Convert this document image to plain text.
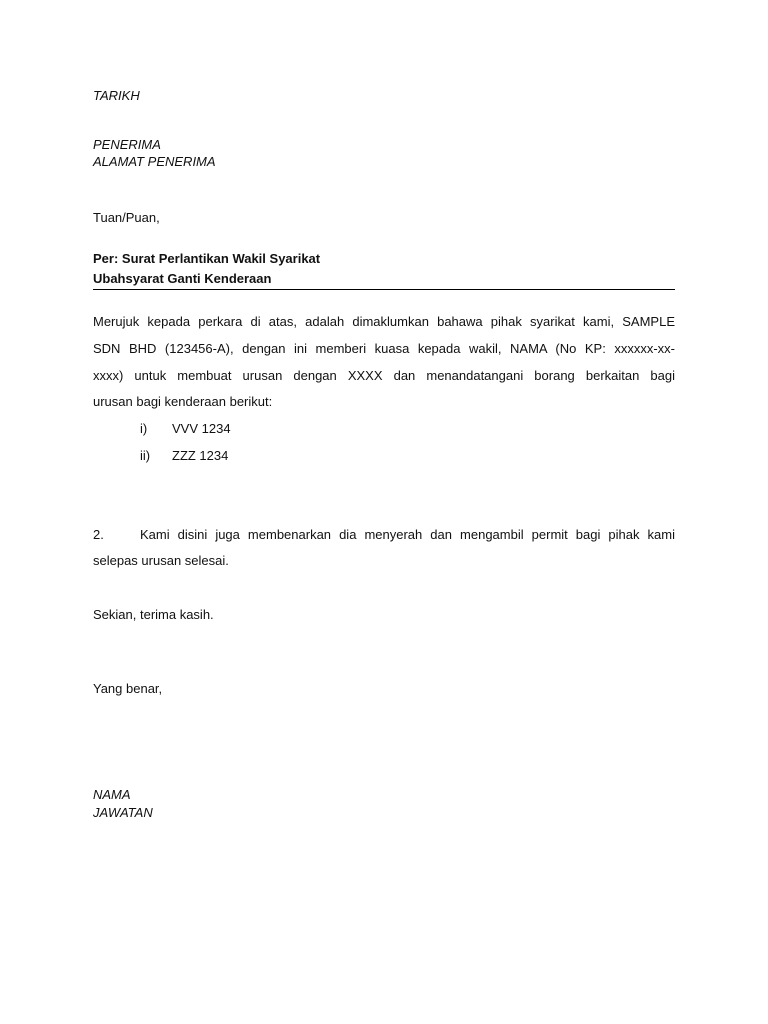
TARIKH
PENERIMA
ALAMAT PENERIMA
Tuan/Puan,
Per: Surat Perlantikan Wakil Syarikat
Ubahsyarat Ganti Kenderaan
Merujuk kepada perkara di atas, adalah dimaklumkan bahawa pihak syarikat kami, SAMPLE
SDN BHD (123456-A), dengan ini memberi kuasa kepada wakil, NAMA (No KP: xxxxxx-xx-
xxxx) untuk membuat urusan dengan XXXX dan menandatangani borang berkaitan bagi
urusan bagi kenderaan berikut:
i) VVV 1234
ii) ZZZ 1234
2.	Kami disini juga membenarkan dia menyerah dan mengambil permit bagi pihak kami
selepas urusan selesai.
Sekian, terima kasih.
Yang benar,
NAMA
JAWATAN
